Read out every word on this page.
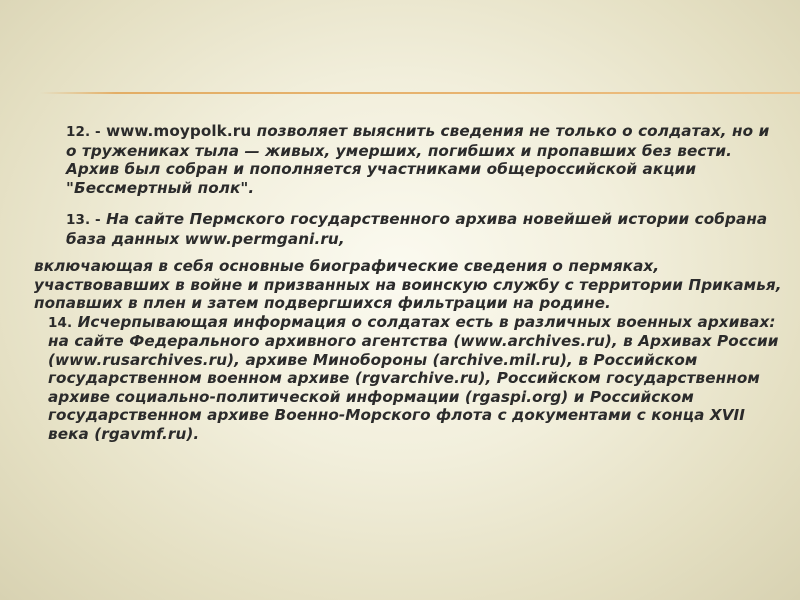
12. - www.moypolk.ru позволяет выяснить сведения не только о солдатах, но и о тружениках тыла — живых, умерших, погибших и пропавших без вести. Архив был собран и пополняется участниками общероссийской акции "Бессмертный полк".

13. - На сайте Пермского государственного архива новейшей истории собрана база данных www.permgani.ru,

включающая в себя основные биографические сведения о пермяках, участвовавших в войне и призванных на воинскую службу с территории Прикамья, попавших в плен и затем подвергшихся фильтрации на родине.

14. Исчерпывающая информация о солдатах есть в различных военных архивах: на сайте Федерального архивного агентства (www.archives.ru), в Архивах России (www.rusarchives.ru), архиве Минобороны (archive.mil.ru), в Российском государственном военном архиве (rgvarchive.ru), Российском государственном архиве социально-политической информации (rgaspi.org) и Российском государственном архиве Военно-Морского флота с документами с конца XVII века (rgavmf.ru).
